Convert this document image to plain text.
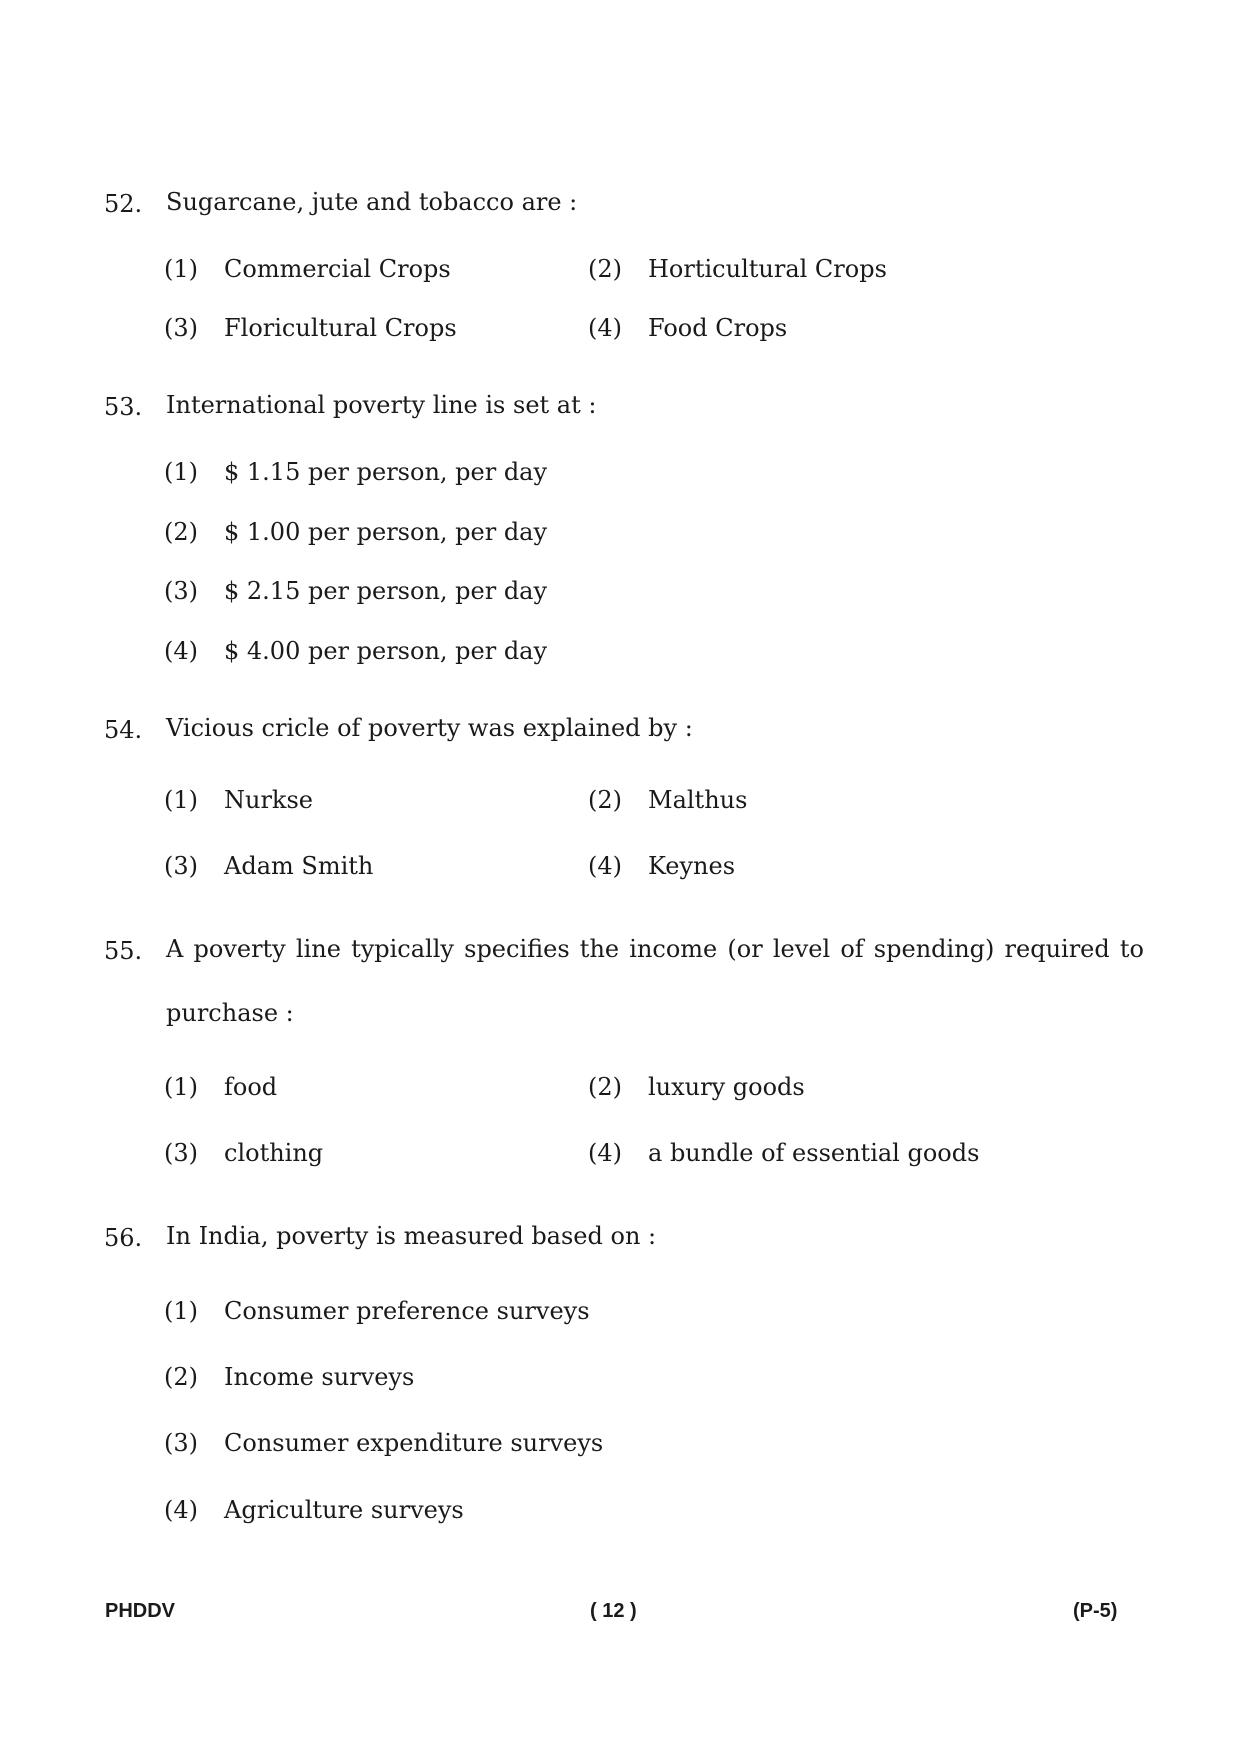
52. Sugarcane, jute and tobacco are :
(1) Commercial Crops	(2) Horticultural Crops
(3) Floricultural Crops	(4) Food Crops
53. International poverty line is set at :
(1) $ 1.15 per person, per day
(2) $ 1.00 per person, per day
(3) $ 2.15 per person, per day
(4) $ 4.00 per person, per day
54. Vicious cricle of poverty was explained by :
(1) Nurkse	(2) Malthus
(3) Adam Smith	(4) Keynes
55. A poverty line typically specifies the income (or level of spending) required to purchase :
(1) food	(2) luxury goods
(3) clothing	(4) a bundle of essential goods
56. In India, poverty is measured based on :
(1) Consumer preference surveys
(2) Income surveys
(3) Consumer expenditure surveys
(4) Agriculture surveys
PHDDV	( 12 )	(P-5)
